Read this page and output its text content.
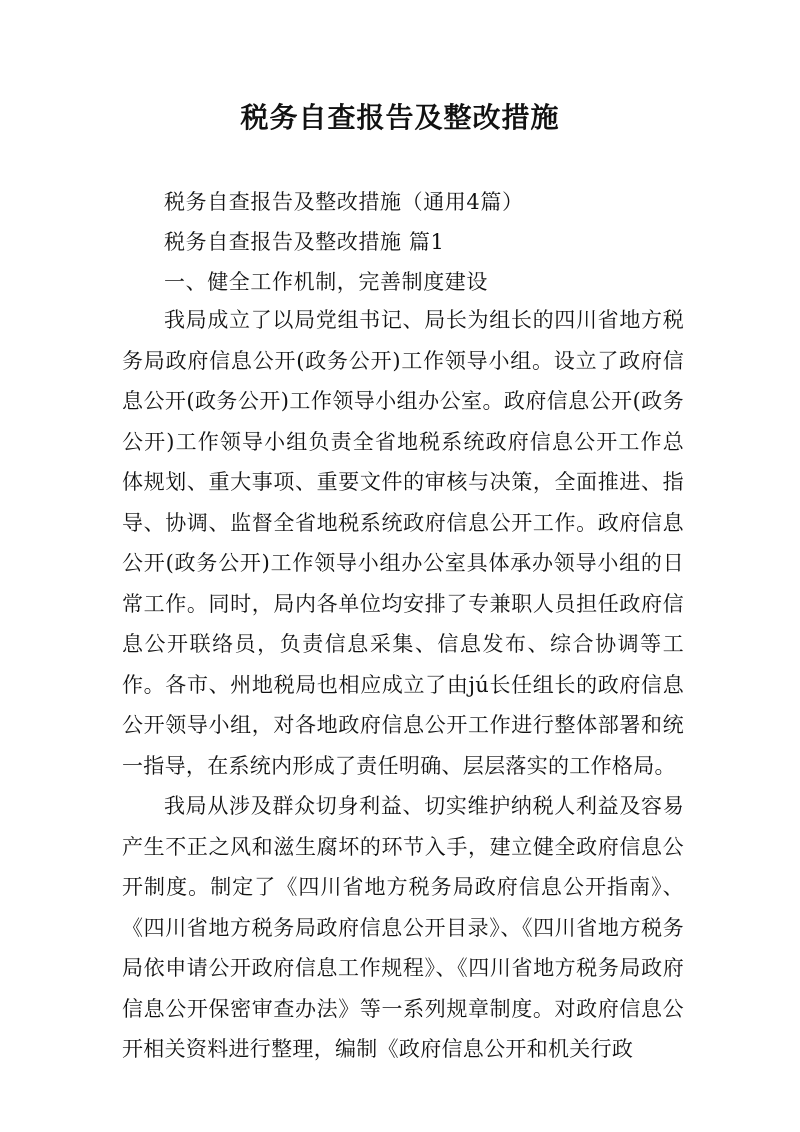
税务自查报告及整改措施
税务自查报告及整改措施（通用4篇）
税务自查报告及整改措施 篇1
一、健全工作机制，完善制度建设

我局成立了以局党组书记、局长为组长的四川省地方税务局政府信息公开(政务公开)工作领导小组。设立了政府信息公开(政务公开)工作领导小组办公室。政府信息公开(政务公开)工作领导小组负责全省地税系统政府信息公开工作总体规划、重大事项、重要文件的审核与决策，全面推进、指导、协调、监督全省地税系统政府信息公开工作。政府信息公开(政务公开)工作领导小组办公室具体承办领导小组的日常工作。同时，局内各单位均安排了专兼职人员担任政府信息公开联络员，负责信息采集、信息发布、综合协调等工作。各市、州地税局也相应成立了由jú长任组长的政府信息公开领导小组，对各地政府信息公开工作进行整体部署和统一指导，在系统内形成了责任明确、层层落实的工作格局。

我局从涉及群众切身利益、切实维护纳税人利益及容易产生不正之风和滋生腐坏的环节入手，建立健全政府信息公开制度。制定了《四川省地方税务局政府信息公开指南》、《四川省地方税务局政府信息公开目录》、《四川省地方税务局依申请公开政府信息工作规程》、《四川省地方税务局政府信息公开保密审查办法》等一系列规章制度。对政府信息公开相关资料进行整理，编制《政府信息公开和机关行政
